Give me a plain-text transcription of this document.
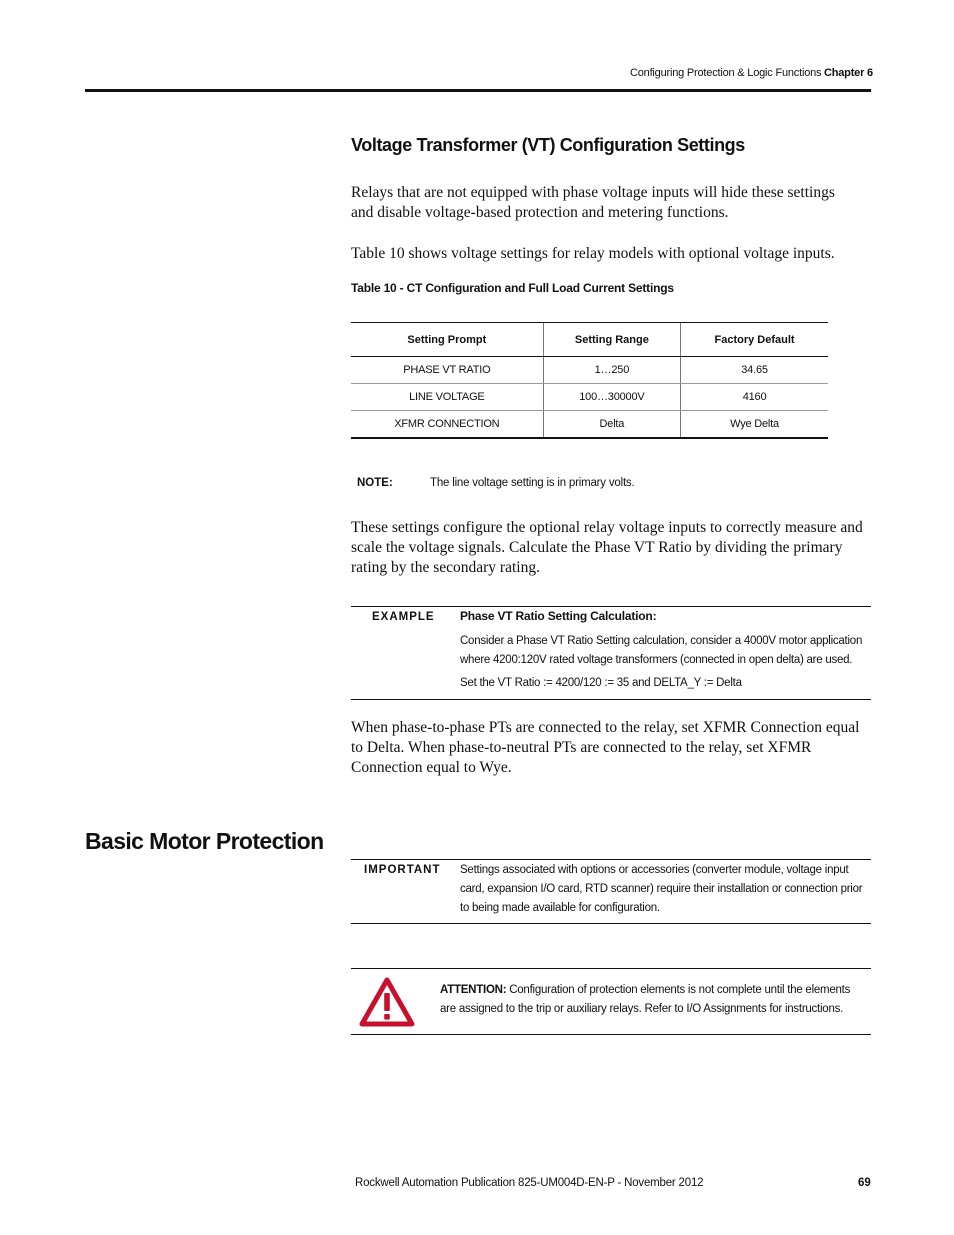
Configuring Protection & Logic Functions Chapter 6
Voltage Transformer (VT) Configuration Settings
Relays that are not equipped with phase voltage inputs will hide these settings and disable voltage-based protection and metering functions.
Table 10 shows voltage settings for relay models with optional voltage inputs.
Table 10 - CT Configuration and Full Load Current Settings
Setting Prompt	Setting Range	Factory Default
PHASE VT RATIO	1…250	34.65
LINE VOLTAGE	100…30000V	4160
XFMR CONNECTION	Delta	Wye Delta
NOTE:	The line voltage setting is in primary volts.
These settings configure the optional relay voltage inputs to correctly measure and scale the voltage signals. Calculate the Phase VT Ratio by dividing the primary rating by the secondary rating.
EXAMPLE Phase VT Ratio Setting Calculation:
Consider a Phase VT Ratio Setting calculation, consider a 4000V motor application where 4200:120V rated voltage transformers (connected in open delta) are used.
Set the VT Ratio := 4200/120 := 35 and DELTA_Y := Delta
When phase-to-phase PTs are connected to the relay, set XFMR Connection equal to Delta. When phase-to-neutral PTs are connected to the relay, set XFMR Connection equal to Wye.
Basic Motor Protection
IMPORTANT Settings associated with options or accessories (converter module, voltage input card, expansion I/O card, RTD scanner) require their installation or connection prior to being made available for configuration.
ATTENTION: Configuration of protection elements is not complete until the elements are assigned to the trip or auxiliary relays. Refer to I/O Assignments for instructions.
Rockwell Automation Publication 825-UM004D-EN-P - November 2012	69
